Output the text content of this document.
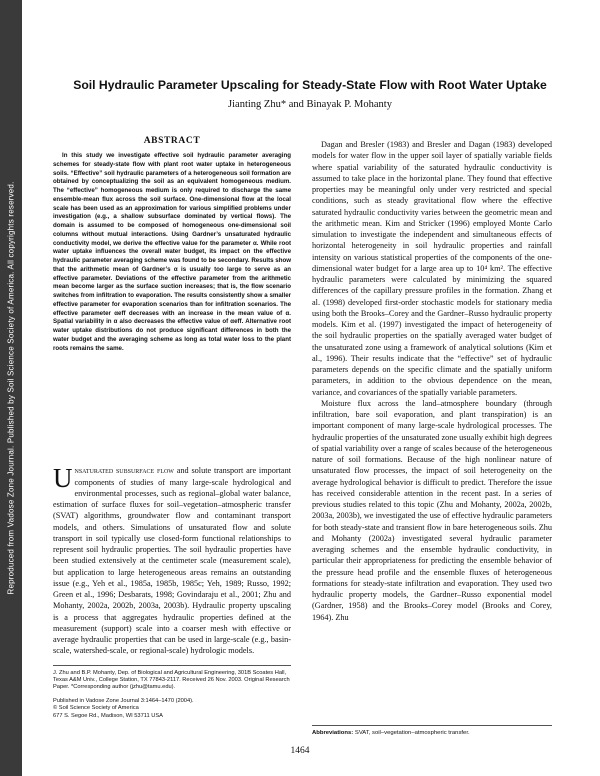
Reproduced from Vadose Zone Journal. Published by Soil Science Society of America. All copyrights reserved.
Soil Hydraulic Parameter Upscaling for Steady-State Flow with Root Water Uptake

Jianting Zhu* and Binayak P. Mohanty

ABSTRACT

In this study we investigate effective soil hydraulic parameter averaging schemes for steady-state flow with plant root water uptake in heterogeneous soils. “Effective” soil hydraulic parameters of a heterogeneous soil formation are obtained by conceptualizing the soil as an equivalent homogeneous medium. The “effective” homogeneous medium is only required to discharge the same ensemble-mean flux across the soil surface. One-dimensional flow at the local scale has been used as an approximation for various simplified problems under investigation (e.g., a shallow subsurface dominated by vertical flows). The domain is assumed to be composed of homogeneous one-dimensional soil columns without mutual interactions. Using Gardner’s unsaturated hydraulic conductivity model, we derive the effective value for the parameter α. While root water uptake influences the overall water budget, its impact on the effective hydraulic parameter averaging scheme was found to be secondary. Results show that the arithmetic mean of Gardner’s α is usually too large to serve as an effective parameter. Deviations of the effective parameter from the arithmetic mean become larger as the surface suction increases; that is, the flow scenario switches from infiltration to evaporation. The results consistently show a smaller effective parameter for evaporation scenarios than for infiltration scenarios. The effective parameter αeff decreases with an increase in the mean value of α. Spatial variability in α also decreases the effective value of αeff. Alternative root water uptake distributions do not produce significant differences in both the water budget and the averaging scheme as long as total water loss to the plant roots remains the same.

Unsaturated subsurface flow and solute transport are important components of studies of many large-scale hydrological and environmental processes, such as regional–global water balance, estimation of surface fluxes for soil–vegetation–atmospheric transfer (SVAT) algorithms, groundwater flow and contaminant transport models, and others. Simulations of unsaturated flow and solute transport in soil typically use closed-form functional relationships to represent soil hydraulic properties. The soil hydraulic properties have been studied extensively at the centimeter scale (measurement scale), but application to large heterogeneous areas remains an outstanding issue (e.g., Yeh et al., 1985a, 1985b, 1985c; Yeh, 1989; Russo, 1992; Green et al., 1996; Desbarats, 1998; Govindaraju et al., 2001; Zhu and Mohanty, 2002a, 2002b, 2003a, 2003b). Hydraulic property upscaling is a process that aggregates hydraulic properties defined at the measurement (support) scale into a coarser mesh with effective or average hydraulic properties that can be used in large-scale (e.g., basin-scale, watershed-scale, or regional-scale) hydrologic models.

J. Zhu and B.P. Mohanty, Dep. of Biological and Agricultural Engineering, 301B Scoates Hall, Texas A&M Univ., College Station, TX 77843-2117. Received 26 Nov. 2003. Original Research Paper. *Corresponding author (jzhu@tamu.edu).

Published in Vadose Zone Journal 3:1464–1470 (2004).

© Soil Science Society of America

677 S. Segoe Rd., Madison, WI 53711 USA

Dagan and Bresler (1983) and Bresler and Dagan (1983) developed models for water flow in the upper soil layer of spatially variable fields where spatial variability of the saturated hydraulic conductivity is assumed to take place in the horizontal plane. They found that effective properties may be meaningful only under very restricted and special conditions, such as steady gravitational flow where the effective saturated hydraulic conductivity varies between the geometric mean and the arithmetic mean. Kim and Stricker (1996) employed Monte Carlo simulation to investigate the independent and simultaneous effects of horizontal heterogeneity in soil hydraulic properties and rainfall intensity on various statistical properties of the components of the one-dimensional water budget for a large area up to 10⁴ km². The effective hydraulic parameters were calculated by minimizing the squared differences of the capillary pressure profiles in the formation. Zhang et al. (1998) developed first-order stochastic models for stationary media using both the Brooks–Corey and the Gardner–Russo hydraulic property models. Kim et al. (1997) investigated the impact of heterogeneity of the soil hydraulic properties on the spatially averaged water budget of the unsaturated zone using a framework of analytical solutions (Kim et al., 1996). Their results indicate that the “effective” set of hydraulic parameters depends on the specific climate and the spatially uniform parameters, in addition to the obvious dependence on the mean, variance, and covariances of the spatially variable parameters.

Moisture flux across the land–atmosphere boundary (through infiltration, bare soil evaporation, and plant transpiration) is an important component of many large-scale hydrological processes. The hydraulic properties of the unsaturated zone usually exhibit high degrees of spatial variability over a range of scales because of the heterogeneous nature of soil formations. Because of the high nonlinear nature of unsaturated flow processes, the impact of soil heterogeneity on the average hydrological behavior is difficult to predict. Therefore the issue has received considerable attention in the recent past. In a series of previous studies related to this topic (Zhu and Mohanty, 2002a, 2002b, 2003a, 2003b), we investigated the use of effective hydraulic parameters for both steady-state and transient flow in bare heterogeneous soils. Zhu and Mohanty (2002a) investigated several hydraulic parameter averaging schemes and the ensemble hydraulic conductivity, in particular their appropriateness for predicting the ensemble behavior of the pressure head profile and the ensemble fluxes of heterogeneous formations for steady-state infiltration and evaporation. They used two hydraulic property models, the Gardner–Russo exponential model (Gardner, 1958) and the Brooks–Corey model (Brooks and Corey, 1964). Zhu

Abbreviations: SVAT, soil–vegetation–atmospheric transfer.

1464
